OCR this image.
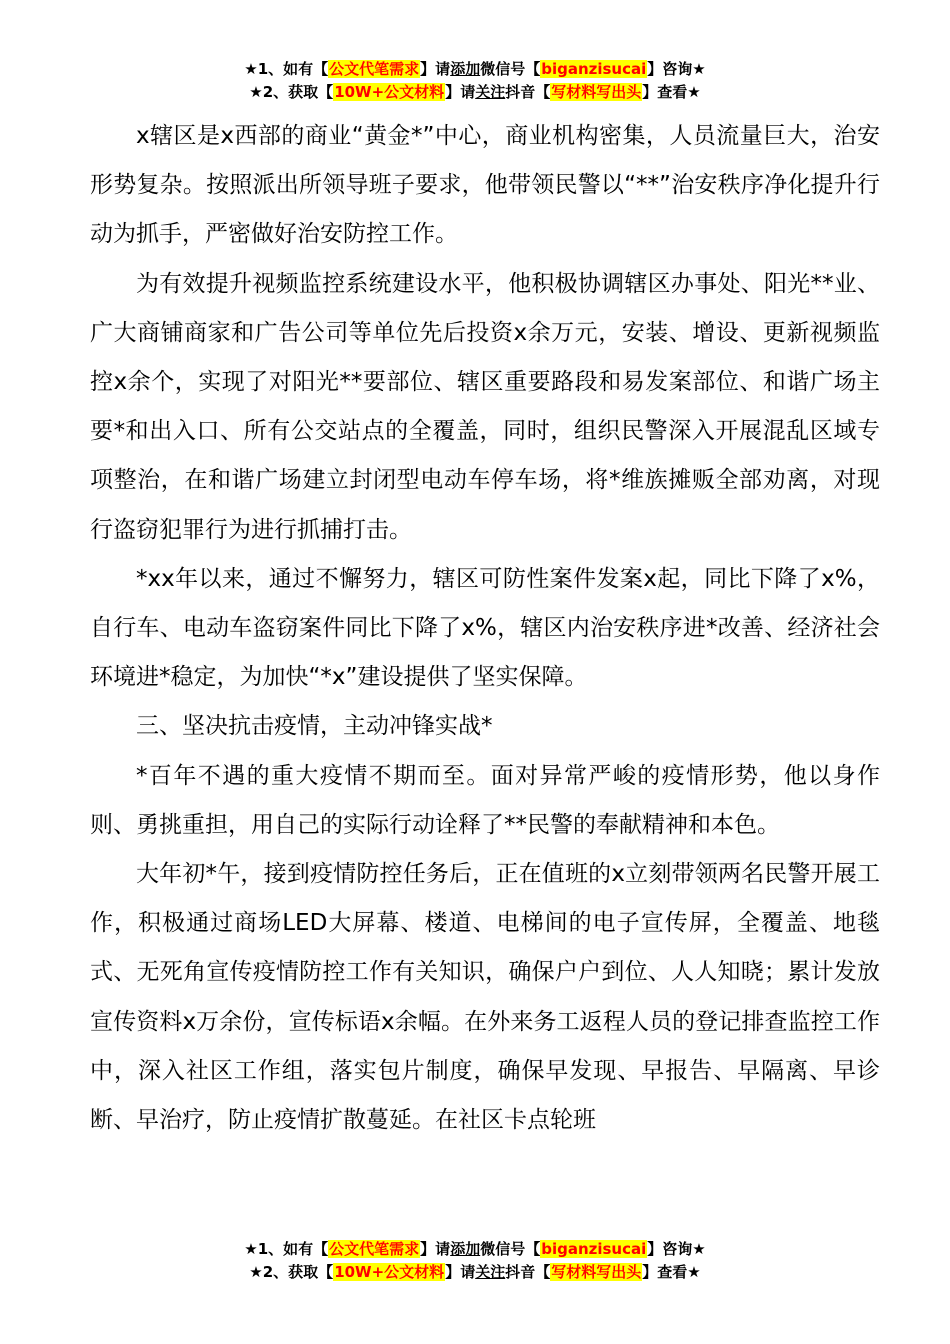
★1、如有【公文代笔需求】请添加微信号【biganzisucai】咨询★
★2、获取【10W+公文材料】请关注抖音【写材料写出头】查看★

x辖区是x西部的商业“黄金*”中心，商业机构密集，人员流量巨大，治安形势复杂。按照派出所领导班子要求，他带领民警以“**”治安秩序净化提升行动为抓手，严密做好治安防控工作。

为有效提升视频监控系统建设水平，他积极协调辖区办事处、阳光**业、广大商铺商家和广告公司等单位先后投资x余万元，安装、增设、更新视频监控x余个，实现了对阳光**要部位、辖区重要路段和易发案部位、和谐广场主要*和出入口、所有公交站点的全覆盖，同时，组织民警深入开展混乱区域专项整治，在和谐广场建立封闭型电动车停车场，将*维族摊贩全部劝离，对现行盗窃犯罪行为进行抓捕打击。

*xx年以来，通过不懈努力，辖区可防性案件发案x起，同比下降了x%，自行车、电动车盗窃案件同比下降了x%，辖区内治安秩序进*改善、经济社会环境进*稳定，为加快“*x”建设提供了坚实保障。

三、坚决抗击疫情，主动冲锋实战*

*百年不遇的重大疫情不期而至。面对异常严峻的疫情形势，他以身作则、勇挑重担，用自己的实际行动诠释了**民警的奉献精神和本色。

大年初*午，接到疫情防控任务后，正在值班的x立刻带领两名民警开展工作，积极通过商场LED大屏幕、楼道、电梯间的电子宣传屏，全覆盖、地毯式、无死角宣传疫情防控工作有关知识，确保户户到位、人人知晓；累计发放宣传资料x万余份，宣传标语x余幅。在外来务工返程人员的登记排查监控工作中，深入社区工作组，落实包片制度，确保早发现、早报告、早隔离、早诊断、早治疗，防止疫情扩散蔓延。在社区卡点轮班

★1、如有【公文代笔需求】请添加微信号【biganzisucai】咨询★
★2、获取【10W+公文材料】请关注抖音【写材料写出头】查看★
